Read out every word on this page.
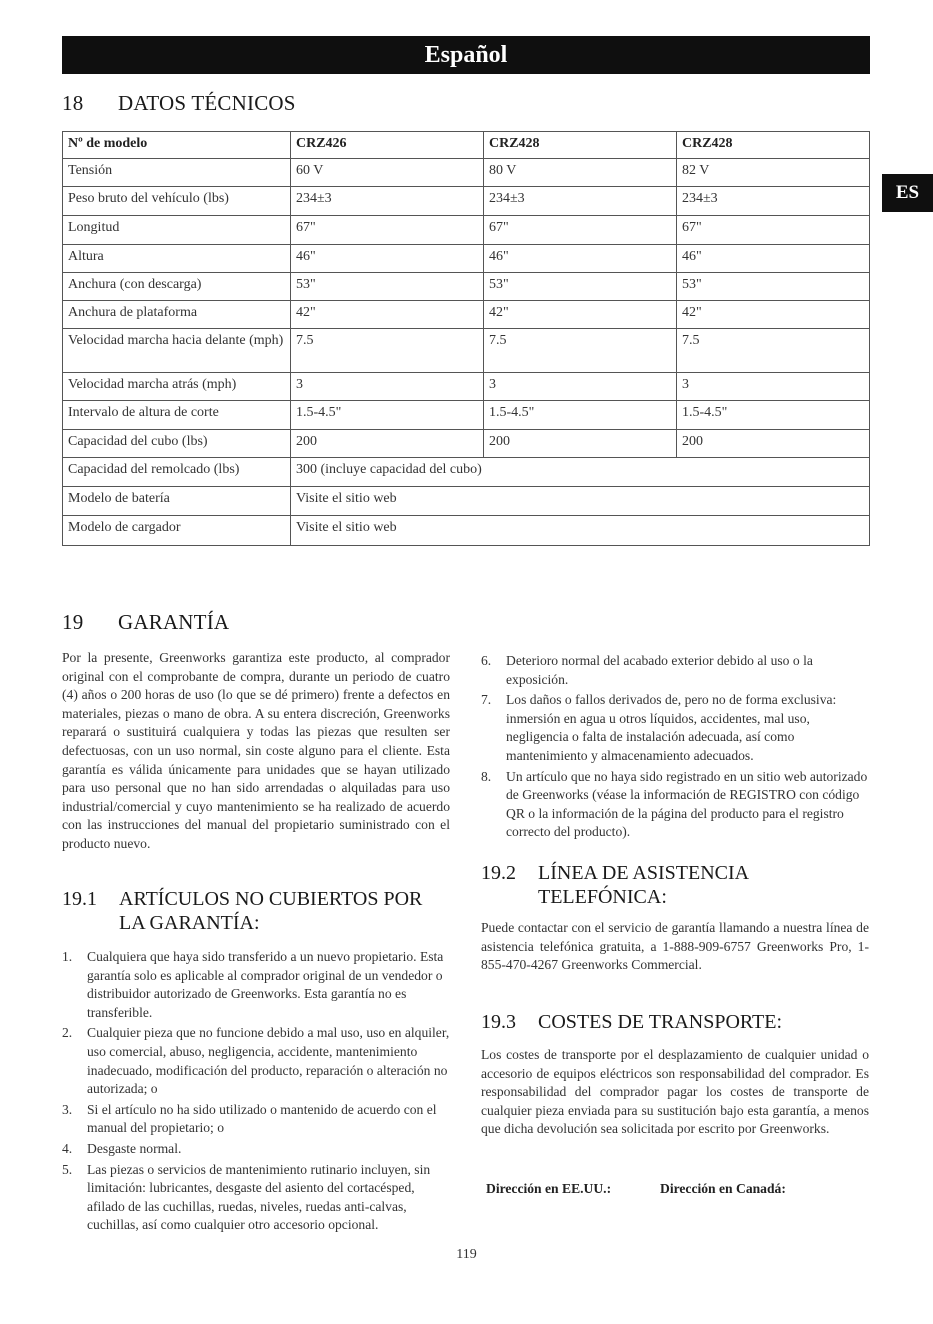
Español
ES
18 DATOS TÉCNICOS
Nº de modelo	CRZ426	CRZ428	CRZ428
Tensión	60 V	80 V	82 V
Peso bruto del vehículo (lbs)	234±3	234±3	234±3
Longitud	67"	67"	67"
Altura	46"	46"	46"
Anchura (con descarga)	53"	53"	53"
Anchura de plataforma	42"	42"	42"
Velocidad marcha hacia delante (mph)	7.5	7.5	7.5
Velocidad marcha atrás (mph)	3	3	3
Intervalo de altura de corte	1.5-4.5"	1.5-4.5"	1.5-4.5"
Capacidad del cubo (lbs)	200	200	200
Capacidad del remolcado (lbs)	300 (incluye capacidad del cubo)		
Modelo de batería	Visite el sitio web		
Modelo de cargador	Visite el sitio web		
19 GARANTÍA
Por la presente, Greenworks garantiza este producto, al comprador original con el comprobante de compra, durante un periodo de cuatro (4) años o 200 horas de uso (lo que se dé primero) frente a defectos en materiales, piezas o mano de obra. A su entera discreción, Greenworks reparará o sustituirá cualquiera y todas las piezas que resulten ser defectuosas, con un uso normal, sin coste alguno para el cliente. Esta garantía es válida únicamente para unidades que se hayan utilizado para uso personal que no han sido arrendadas o alquiladas para uso industrial/comercial y cuyo mantenimiento se ha realizado de acuerdo con las instrucciones del manual del propietario suministrado con el producto nuevo.
19.1	ARTÍCULOS NO CUBIERTOS POR LA GARANTÍA:
1. Cualquiera que haya sido transferido a un nuevo propietario. Esta garantía solo es aplicable al comprador original de un vendedor o distribuidor autorizado de Greenworks. Esta garantía no es transferible.
2. Cualquier pieza que no funcione debido a mal uso, uso en alquiler, uso comercial, abuso, negligencia, accidente, mantenimiento inadecuado, modificación del producto, reparación o alteración no autorizada; o
3. Si el artículo no ha sido utilizado o mantenido de acuerdo con el manual del propietario; o
4. Desgaste normal.
5. Las piezas o servicios de mantenimiento rutinario incluyen, sin limitación: lubricantes, desgaste del asiento del cortacésped, afilado de las cuchillas, ruedas, niveles, ruedas anti-calvas, cuchillas, así como cualquier otro accesorio opcional.
6. Deterioro normal del acabado exterior debido al uso o la exposición.
7. Los daños o fallos derivados de, pero no de forma exclusiva: inmersión en agua u otros líquidos, accidentes, mal uso, negligencia o falta de instalación adecuada, así como mantenimiento y almacenamiento adecuados.
8. Un artículo que no haya sido registrado en un sitio web autorizado de Greenworks (véase la información de REGISTRO con código QR o la información de la página del producto para el registro correcto del producto).
19.2	LÍNEA DE ASISTENCIA TELEFÓNICA:
Puede contactar con el servicio de garantía llamando a nuestra línea de asistencia telefónica gratuita, a 1-888-909-6757 Greenworks Pro, 1-855-470-4267 Greenworks Commercial.
19.3	COSTES DE TRANSPORTE:
Los costes de transporte por el desplazamiento de cualquier unidad o accesorio de equipos eléctricos son responsabilidad del comprador. Es responsabilidad del comprador pagar los costes de transporte de cualquier pieza enviada para su sustitución bajo esta garantía, a menos que dicha devolución sea solicitada por escrito por Greenworks.
Dirección en EE.UU.:	Dirección en Canadá:
119
